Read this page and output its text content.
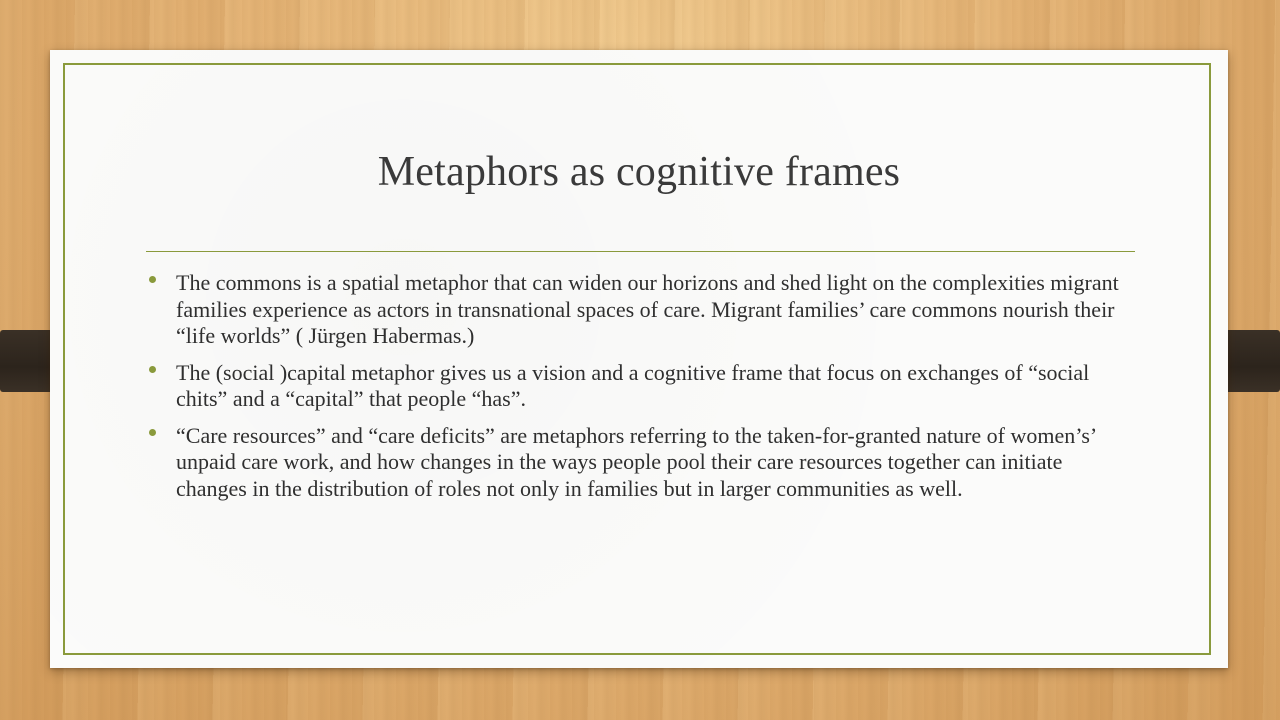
Metaphors as cognitive frames
The commons is a spatial metaphor that can widen our horizons and shed light on the complexities migrant families experience as actors in transnational spaces of care. Migrant families’ care commons nourish their “life worlds” ( Jürgen Habermas.)
The (social )capital metaphor gives us a vision and a cognitive frame that focus on exchanges of “social chits” and a “capital” that people “has”.
“Care resources” and “care deficits” are metaphors referring to the taken-for-granted nature of women’s’ unpaid care work, and how changes in the ways people pool their care resources together can initiate changes in the distribution of roles not only in families but in larger communities as well.
